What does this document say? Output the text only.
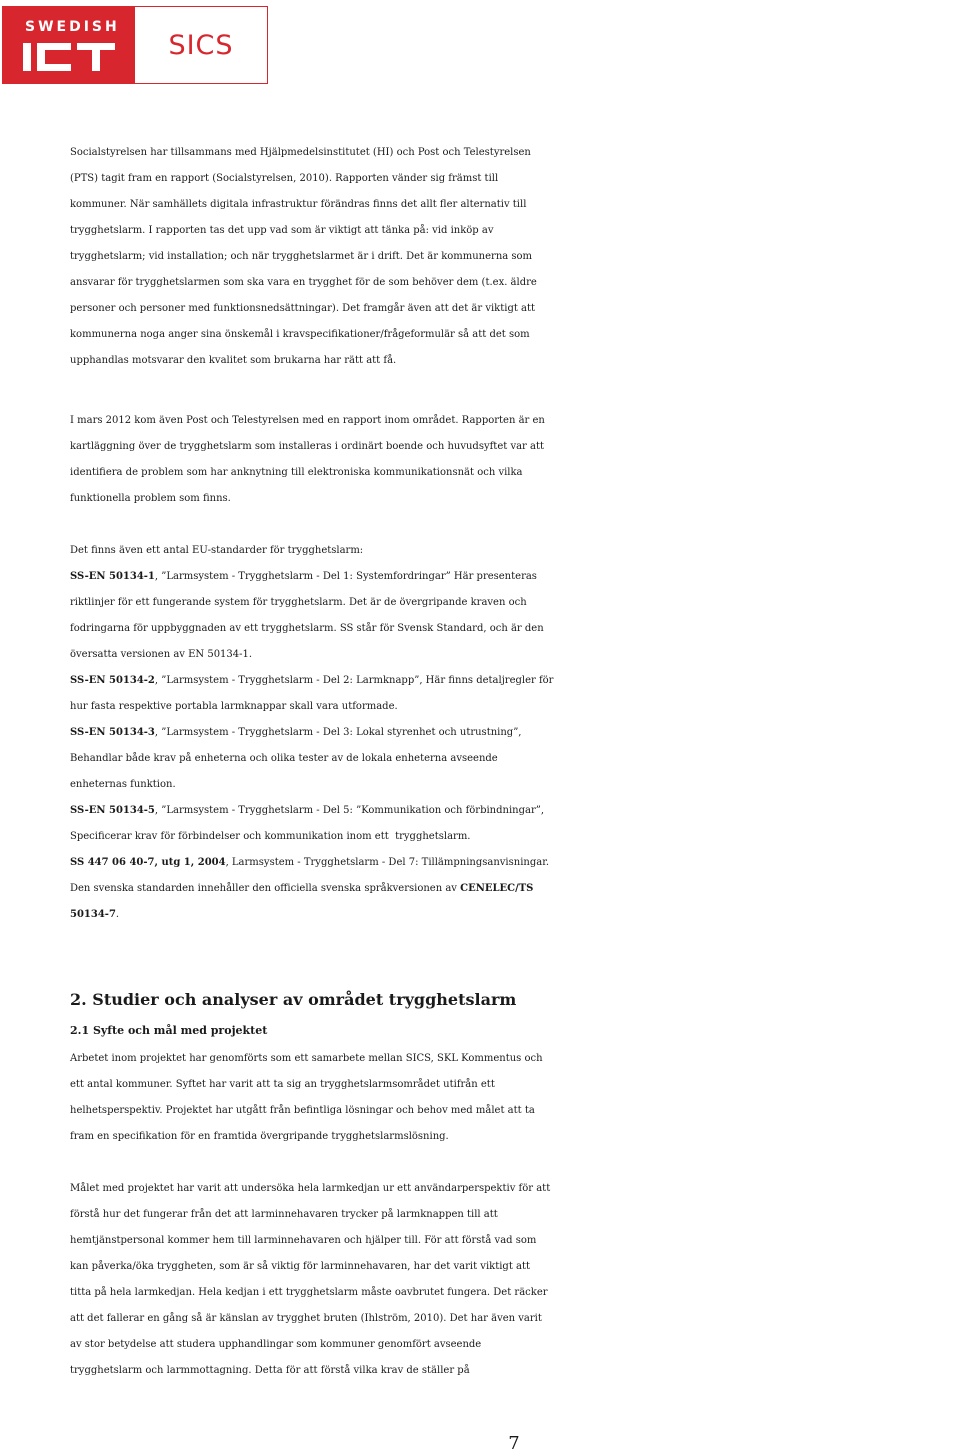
SWEDISH
SICS

Socialstyrelsen har tillsammans med Hjälpmedelsinstitutet (HI) och Post och Telestyrelsen

(PTS) tagit fram en rapport (Socialstyrelsen, 2010). Rapporten vänder sig främst till

kommuner. När samhällets digitala infrastruktur förändras finns det allt fler alternativ till

trygghetslarm. I rapporten tas det upp vad som är viktigt att tänka på: vid inköp av

trygghetslarm; vid installation; och när trygghetslarmet är i drift. Det är kommunerna som

ansvarar för trygghetslarmen som ska vara en trygghet för de som behöver dem (t.ex. äldre

personer och personer med funktionsnedsättningar). Det framgår även att det är viktigt att

kommunerna noga anger sina önskemål i kravspecifikationer/frågeformulär så att det som

upphandlas motsvarar den kvalitet som brukarna har rätt att få.

I mars 2012 kom även Post och Telestyrelsen med en rapport inom området. Rapporten är en

kartläggning över de trygghetslarm som installeras i ordinärt boende och huvudsyftet var att

identifiera de problem som har anknytning till elektroniska kommunikationsnät och vilka

funktionella problem som finns.

Det finns även ett antal EU-standarder för trygghetslarm:

SS-EN 50134-1, ”Larmsystem - Trygghetslarm - Del 1: Systemfordringar” Här presenteras

riktlinjer för ett fungerande system för trygghetslarm. Det är de övergripande kraven och

fodringarna för uppbyggnaden av ett trygghetslarm. SS står för Svensk Standard, och är den

översatta versionen av EN 50134-1.

SS-EN 50134-2, ”Larmsystem - Trygghetslarm - Del 2: Larmknapp”, Här finns detaljregler för

hur fasta respektive portabla larmknappar skall vara utformade.

SS-EN 50134-3, ”Larmsystem - Trygghetslarm - Del 3: Lokal styrenhet och utrustning”,

Behandlar både krav på enheterna och olika tester av de lokala enheterna avseende

enheternas funktion.

SS-EN 50134-5, ”Larmsystem - Trygghetslarm - Del 5: ”Kommunikation och förbindningar”,

Specificerar krav för förbindelser och kommunikation inom ett  trygghetslarm.

SS 447 06 40-7, utg 1, 2004, Larmsystem - Trygghetslarm - Del 7: Tillämpningsanvisningar.

Den svenska standarden innehåller den officiella svenska språkversionen av CENELEC/TS

50134-7.

2. Studier och analyser av området trygghetslarm
2.1 Syfte och mål med projektet

Arbetet inom projektet har genomförts som ett samarbete mellan SICS, SKL Kommentus och

ett antal kommuner. Syftet har varit att ta sig an trygghetslarmsområdet utifrån ett

helhetsperspektiv. Projektet har utgått från befintliga lösningar och behov med målet att ta

fram en specifikation för en framtida övergripande trygghetslarmslösning.

Målet med projektet har varit att undersöka hela larmkedjan ur ett användarperspektiv för att

förstå hur det fungerar från det att larminnehavaren trycker på larmknappen till att

hemtjänstpersonal kommer hem till larminnehavaren och hjälper till. För att förstå vad som

kan påverka/öka tryggheten, som är så viktig för larminnehavaren, har det varit viktigt att

titta på hela larmkedjan. Hela kedjan i ett trygghetslarm måste oavbrutet fungera. Det räcker

att det fallerar en gång så är känslan av trygghet bruten (Ihlström, 2010). Det har även varit

av stor betydelse att studera upphandlingar som kommuner genomfört avseende

trygghetslarm och larmmottagning. Detta för att förstå vilka krav de ställer på

7
